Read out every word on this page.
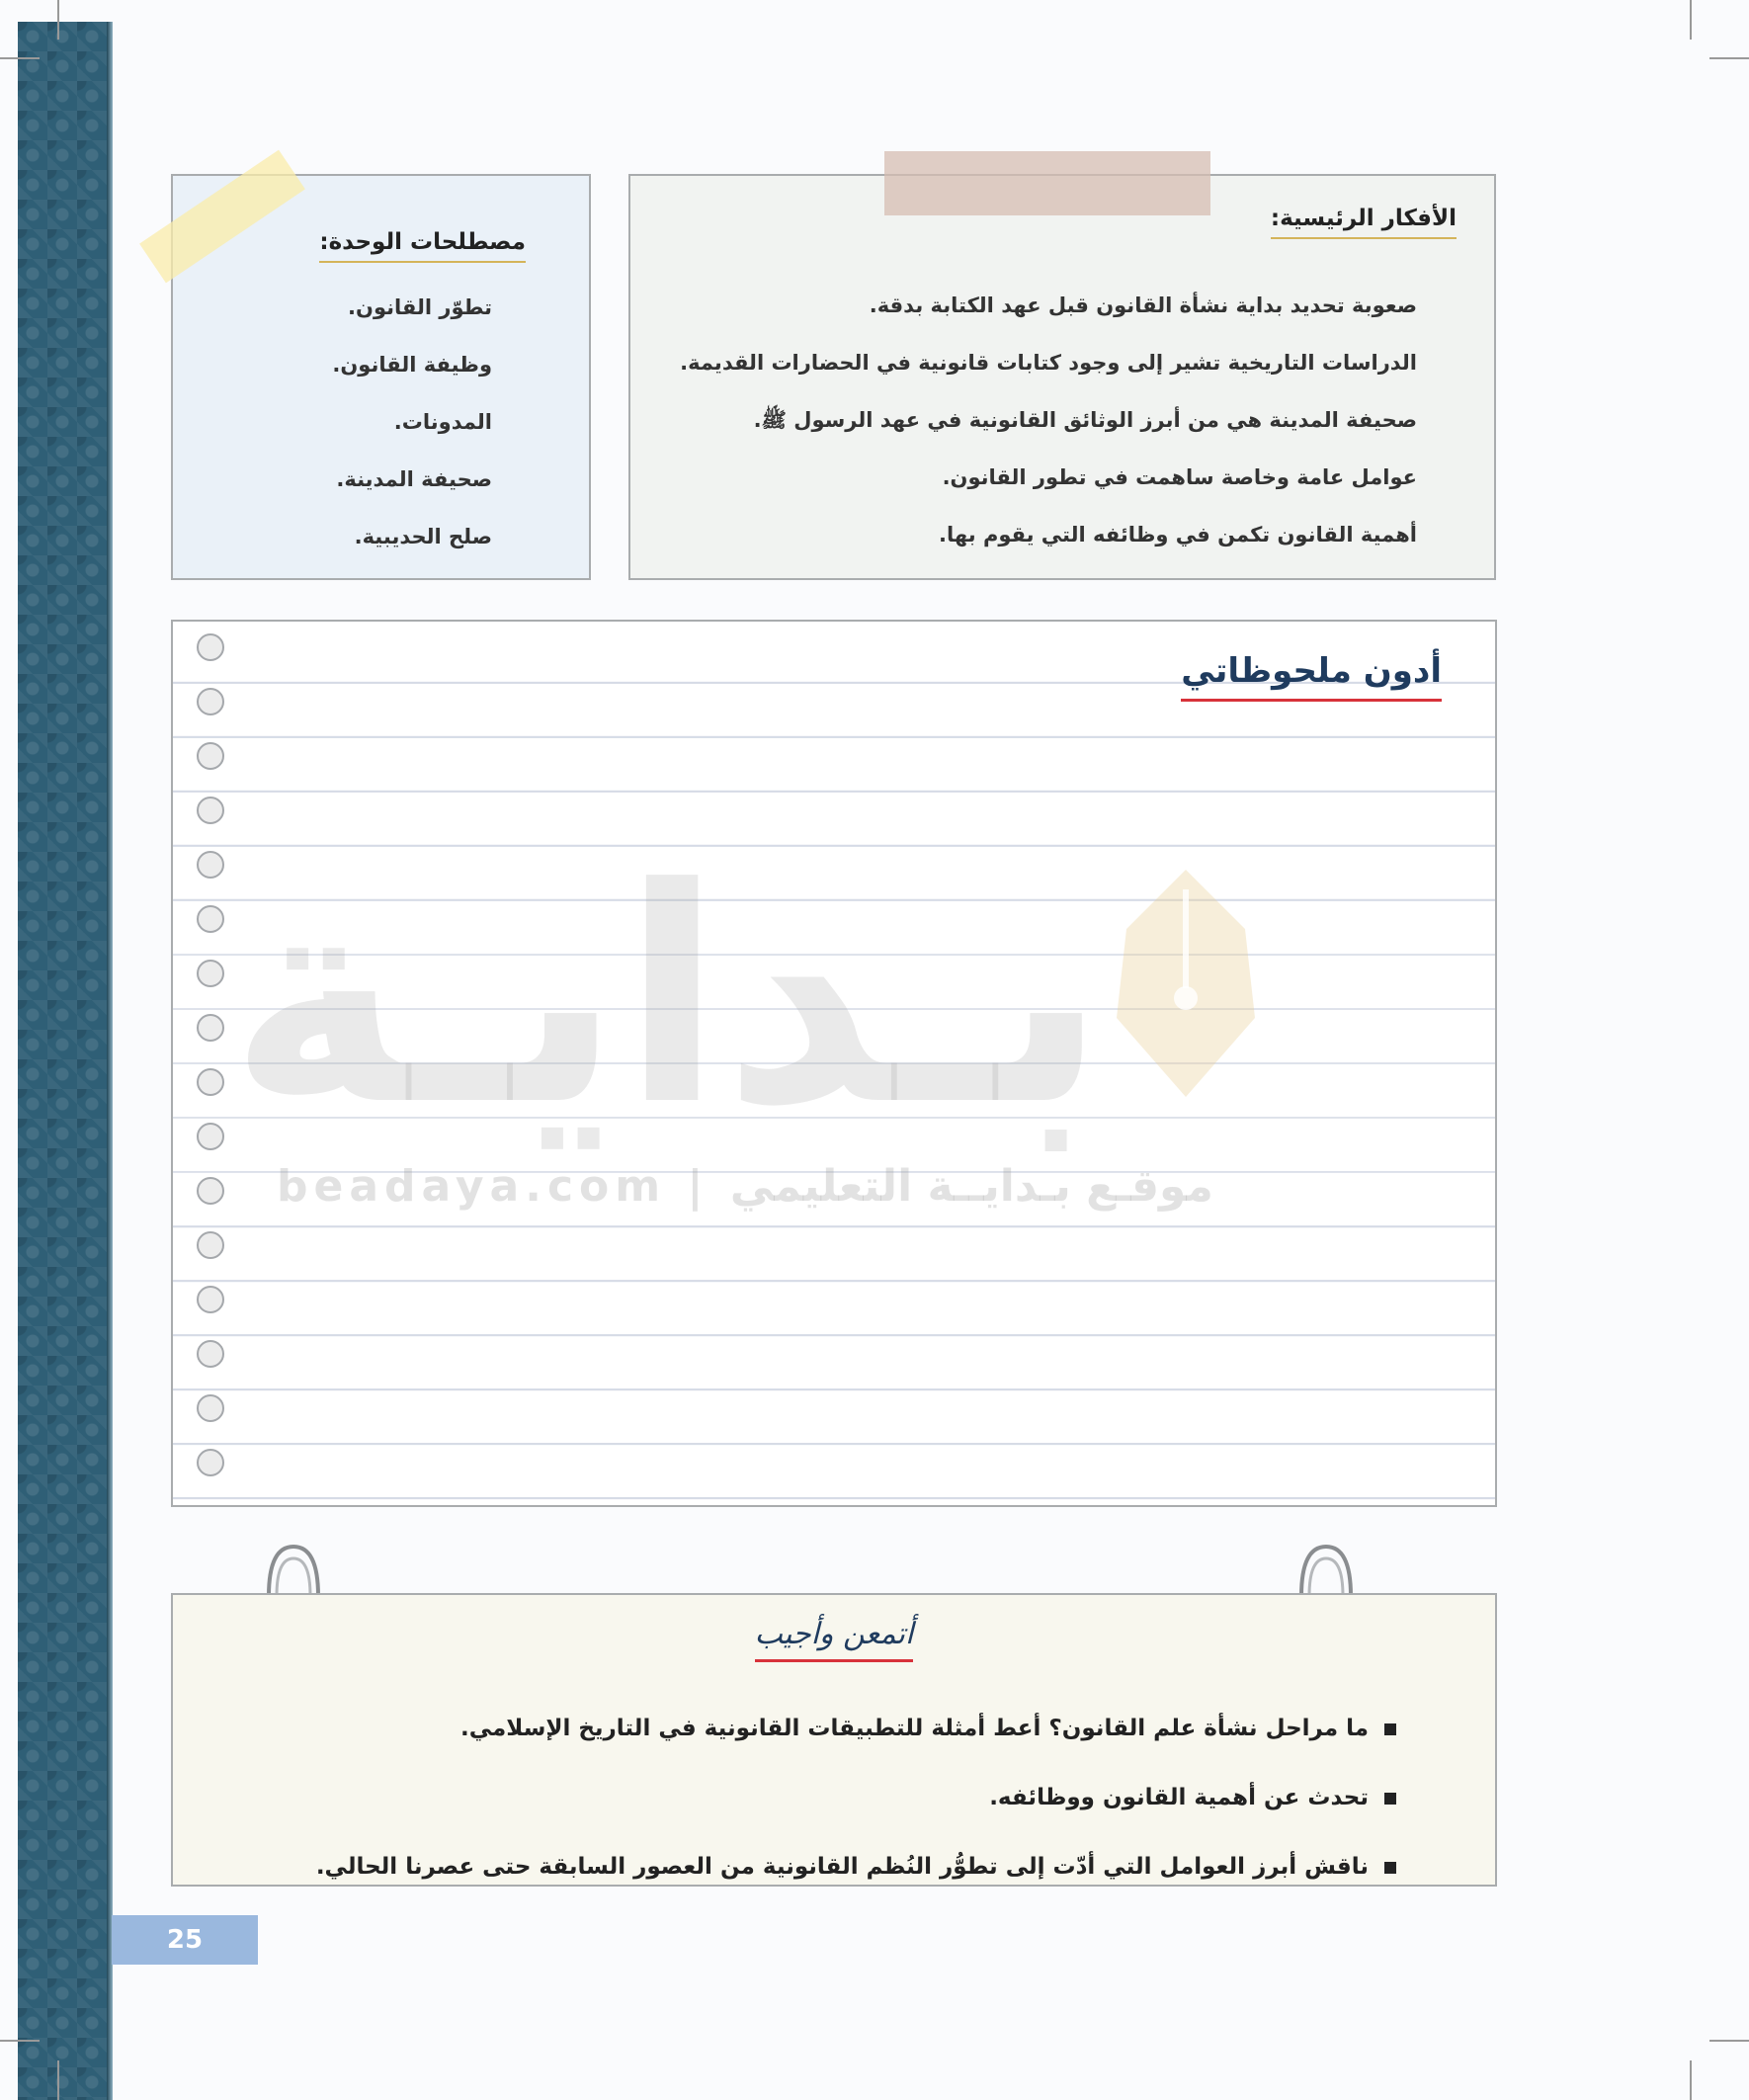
الأفكار الرئيسية:
صعوبة تحديد بداية نشأة القانون قبل عهد الكتابة بدقة.
الدراسات التاريخية تشير إلى وجود كتابات قانونية في الحضارات القديمة.
صحيفة المدينة هي من أبرز الوثائق القانونية في عهد الرسول ﷺ.
عوامل عامة وخاصة ساهمت في تطور القانون.
أهمية القانون تكمن في وظائفه التي يقوم بها.
مصطلحات الوحدة:
تطوّر القانون.
وظيفة القانون.
المدونات.
صحيفة المدينة.
صلح الحديبية.
أدون ملحوظاتي
بـدايـة
beadaya.com | موقـع بـدايــة التعليمي
أتمعن وأجيب
ما مراحل نشأة علم القانون؟ أعط أمثلة للتطبيقات القانونية في التاريخ الإسلامي.
تحدث عن أهمية القانون ووظائفه.
ناقش أبرز العوامل التي أدّت إلى تطوُّر النُظم القانونية من العصور السابقة حتى عصرنا الحالي.
25
